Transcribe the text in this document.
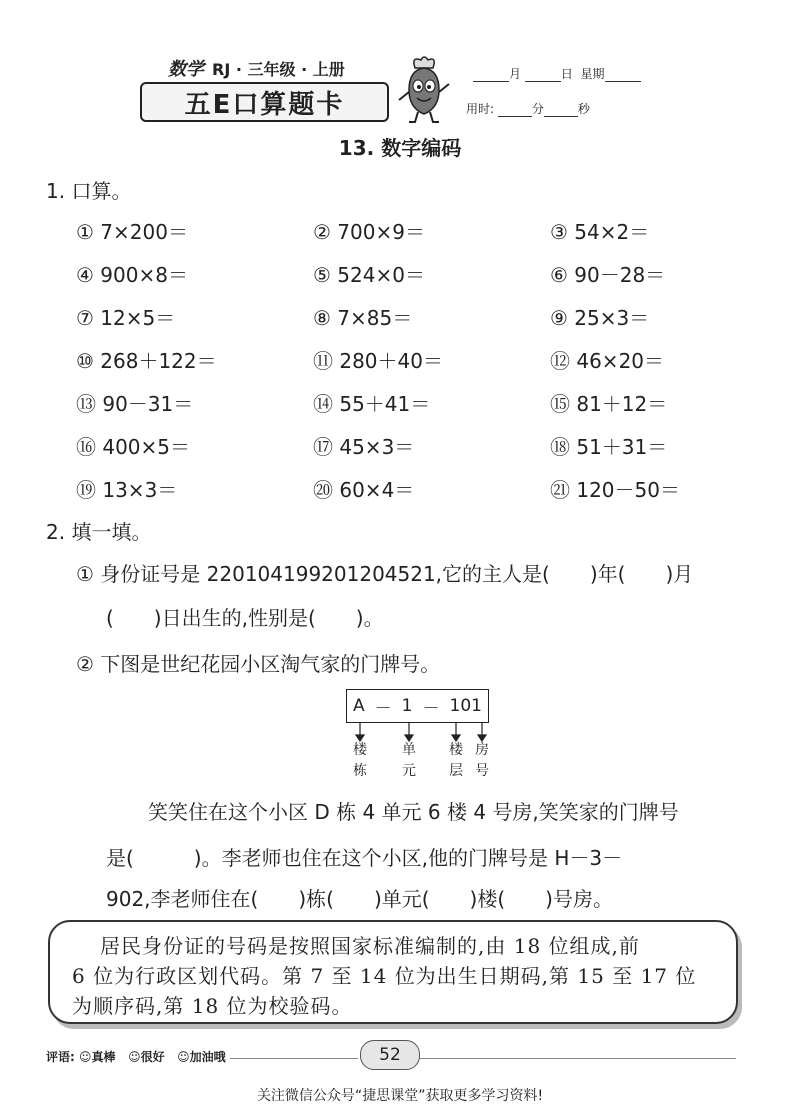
数学 RJ · 三年级 · 上册
五E口算题卡
月	日 星期
用时:	分	秒
13. 数字编码
1. 口算。
① 7×200＝	② 700×9＝	③ 54×2＝
④ 900×8＝	⑤ 524×0＝	⑥ 90－28＝
⑦ 12×5＝	⑧ 7×85＝	⑨ 25×3＝
⑩ 268＋122＝	⑪ 280＋40＝	⑫ 46×20＝
⑬ 90－31＝	⑭ 55＋41＝	⑮ 81＋12＝
⑯ 400×5＝	⑰ 45×3＝	⑱ 51＋31＝
⑲ 13×3＝	⑳ 60×4＝	㉑ 120－50＝
2. 填一填。
① 身份证号是 220104199201204521,它的主人是(　　)年(　　)月
(　　)日出生的,性别是(　　)。
② 下图是世纪花园小区淘气家的门牌号。
A － 1 － 101
楼栋
单元
楼层
房号
笑笑住在这个小区 D 栋 4 单元 6 楼 4 号房,笑笑家的门牌号
是(　　　)。李老师也住在这个小区,他的门牌号是 H－3－
902,李老师住在(　　)栋(　　)单元(　　)楼(　　)号房。
居民身份证的号码是按照国家标准编制的,由 18 位组成,前
6 位为行政区划代码。第 7 至 14 位为出生日期码,第 15 至 17 位
为顺序码,第 18 位为校验码。
评语: ☺真棒 ☺很好 ☺加油哦	52
关注微信公众号“捷思课堂”获取更多学习资料!
